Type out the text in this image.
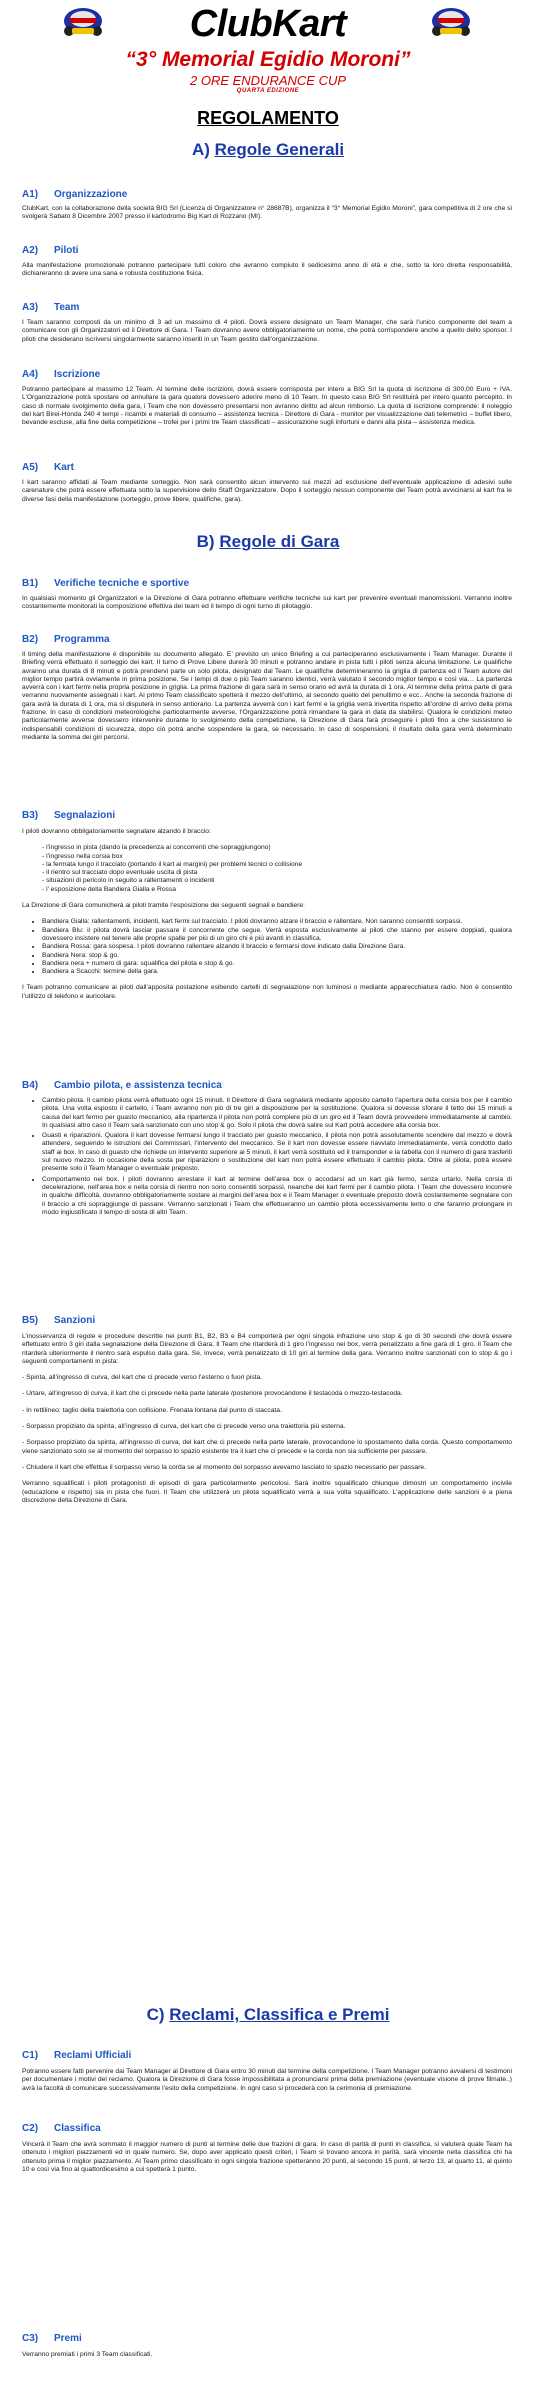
ClubKart
“3° Memorial Egidio Moroni”
2 ORE ENDURANCE CUP
QUARTA EDIZIONE
REGOLAMENTO
A) Regole Generali
A1) Organizzazione

ClubKart, con la collaborazione della società BIG Srl (Licenza di Organizzatore n° 28687B), organizza il “3° Memorial Egidio Moroni”, gara competitiva di 2 ore che si svolgerà Sabato 8 Dicembre 2007 presso il kartodromo Big Kart di Rozzano (MI).

A2) Piloti

Alla manifestazione promozionale potranno partecipare tutti coloro che avranno compiuto il sedicesimo anno di età e che, sotto la loro diretta responsabilità, dichiareranno di avere una sana e robusta costituzione fisica.

A3) Team

I Team saranno composti da un minimo di 3 ad un massimo di 4 piloti. Dovrà essere designato un Team Manager, che sarà l’unico componente del team a comunicare con gli Organizzatori ed il Direttore di Gara. I Team dovranno avere obbligatoriamente un nome, che potrà corrispondere anche a quello dello sponsor. I piloti che desiderano iscriversi singolarmente saranno inseriti in un Team gestito dall’organizzazione.

A4) Iscrizione

Potranno partecipare al massimo 12 Team. Al termine delle iscrizioni, dovrà essere corrisposta per intero a BIG Srl la quota di iscrizione di 300,00 Euro + IVA. L’Organizzazione potrà spostare od annullare la gara qualora dovessero aderire meno di 10 Team. In questo caso BIG Srl restituirà per intero quanto percepito. In caso di normale svolgimento della gara, i Team che non dovessero presentarsi non avranno diritto ad alcun rimborso. La quota di iscrizione comprende: il noleggio del kart Birel-Honda 240 4 tempi - ricambi e materiali di consumo – assistenza tecnica - Direttore di Gara - monitor per visualizzazione dati telemetrici – buffet libero, bevande escluse, alla fine della competizione – trofei per i primi tre Team classificati – assicurazione sugli infortuni e danni alla pista – assistenza medica.

A5) Kart

I kart saranno affidati ai Team mediante sorteggio. Non sarà consentito alcun intervento sui mezzi ad esclusione dell’eventuale applicazione di adesivi sulle carenature che potrà essere effettuata sotto la supervisione dello Staff Organizzatore. Dopo il sorteggio nessun componente del Team potrà avvicinarsi al kart fra le diverse fasi della manifestazione (sorteggio, prove libere, qualifiche, gara).

B) Regole di Gara
B1) Verifiche tecniche e sportive

In qualsiasi momento gli Organizzatori e la Direzione di Gara potranno effettuare verifiche tecniche sui kart per prevenire eventuali manomissioni. Verranno inoltre costantemente monitorati la composizione effettiva dei team ed il tempo di ogni turno di pilotaggio.

B2) Programma

Il timing della manifestazione è disponibile su documento allegato. E’ previsto un unico Briefing a cui parteciperanno esclusivamente i Team Manager. Durante il Briefing verrà effettuato il sorteggio dei kart. Il turno di Prove Libere durerà 30 minuti e potranno andare in pista tutti i piloti senza alcuna limitazione. Le qualifiche avranno una durata di 8 minuti e potrà prendervi parte un solo pilota, designato dal Team. Le qualifiche determineranno la griglia di partenza ed il Team autore del miglior tempo partirà ovviamente in prima posizione. Se i tempi di due o più Team saranno identici, verrà valutato il secondo miglior tempo e così via… La partenza avverrà con i kart fermi nella propria posizione in griglia. La prima frazione di gara sarà in senso orario ed avrà la durata di 1 ora. Al termine della prima parte di gara verranno nuovamente assegnati i kart. Al primo Team classificato spetterà il mezzo dell’ultimo, al secondo quello del penultimo e ecc.. Anche la seconda frazione di gara avrà la durata di 1 ora, ma si disputerà in senso antiorario. La partenza avverrà con i kart fermi e la griglia verrà invertita rispetto all’ordine di arrivo della prima frazione. In caso di condizioni meteorologiche particolarmente avverse, l’Organizzazione potrà rimandare la gara in data da stabilirsi. Qualora le condizioni meteo particolarmente avverse dovessero intervenire durante lo svolgimento della competizione, la Direzione di Gara farà proseguire i piloti fino a che sussistono le indispensabili condizioni di sicurezza, dopo ciò potrà anche sospendere la gara, se necessario. In caso di sospensioni, il risultato della gara verrà determinato mediante la somma dei giri percorsi.

B3) Segnalazioni

I piloti dovranno obbligatoriamente segnalare alzando il braccio:

- l’ingresso in pista (dando la precedenza ai concorrenti che sopraggiungono)
- l’ingresso nella corsia box
- la fermata lungo il tracciato (portando il kart ai margini) per problemi tecnici o collisione
- il rientro sul tracciato dopo eventuale uscita di pista
- situazioni di pericolo in seguito a rallentamenti o incidenti
- l’ esposizione della Bandiera Gialla e Rossa

La Direzione di Gara comunicherà ai piloti tramite l’esposizione dei seguenti segnali e bandiere:

• Bandiera Gialla: rallentamenti, incidenti, kart fermi sul tracciato. I piloti dovranno alzare il braccio e rallentare. Non saranno consentiti sorpassi.
• Bandiera Blu: il pilota dovrà lasciar passare il concorrente che segue. Verrà esposta esclusivamente ai piloti che stanno per essere doppiati, qualora dovessero insistere nel tenere alle proprie spalle per più di un giro chi è più avanti in classifica.
• Bandiera Rossa: gara sospesa. I piloti dovranno rallentare alzando il braccio e fermarsi dove indicato dalla Direzione Gara.
• Bandiera Nera: stop & go.
• Bandiera nera + numero di gara: squalifica del pilota e stop & go.
• Bandiera a Scacchi: termine della gara.

I Team potranno comunicare ai piloti dall’apposita postazione esibendo cartelli di segnalazione non luminosi o mediante apparecchiatura radio. Non è consentito l’utilizzo di telefono e auricolare.

B4) Cambio pilota, e assistenza tecnica
• Cambio pilota. Il cambio pilota verrà effettuato ogni 15 minuti. Il Direttore di Gara segnalerà mediante apposito cartello l’apertura della corsia box per il cambio pilota. Una volta esposto il cartello, i Team avranno non più di tre giri a disposizione per la sostituzione. Qualora si dovesse sforare il tetto dei 15 minuti a causa del kart fermo per guasto meccanico, alla ripartenza il pilota non potrà compiere più di un giro ed il Team dovrà provvedere immediatamente al cambio. In qualsiasi altro caso il Team sarà sanzionato con uno stop & go. Solo il pilota che dovrà salire sul Kart potrà accedere alla corsia box.
• Guasti e riparazioni. Qualora il kart dovesse fermarsi lungo il tracciato per guasto meccanico, il pilota non potrà assolutamente scendere dal mezzo e dovrà attendere, seguendo le istruzioni dei Commissari, l’intervento del meccanico. Se il kart non dovesse essere riavviato immediatamente, verrà condotto dallo staff ai box. In caso di guasto che richiede un intervento superiore ai 5 minuti, il kart verrà sostituito ed il transponder e la tabella con il numero di gara trasferiti sul nuovo mezzo. In occasione della sosta per riparazioni o sostituzione del kart non potrà essere effettuato il cambio pilota. Oltre al pilota, potrà essere presente solo il Team Manager o eventuale preposto.
• Comportamento nei box. I piloti dovranno arrestare il kart al termine dell’area box o accodarsi ad un kart già fermo, senza urtarlo. Nella corsia di decelerazione, nell’area box e nella corsia di rientro non sono consentiti sorpassi, neanche dei kart fermi per il cambio pilota. I Team che dovessero incorrere in qualche difficoltà, dovranno obbligatoriamente sostare ai margini dell’area box e il Team Manager o eventuale preposto dovrà costantemente segnalare con il braccio a chi sopraggiunge di passare. Verranno sanzionati i Team che effettueranno un cambio pilota eccessivamente lento o che faranno prolungare in modo ingiustificato il tempo di sosta di altri Team.
B5) Sanzioni

L’inosservanza di regole e procedure descritte nei punti B1, B2, B3 e B4 comporterà per ogni singola infrazione uno stop & go di 30 secondi che dovrà essere effettuato entro 3 giri dalla segnalazione della Direzione di Gara. Il Team che ritarderà di 1 giro l’ingresso nei box, verrà penalizzato a fine gara di 1 giro. Il Team che ritarderà ulteriormente il rientro sarà espulso dalla gara. Se, invece, verrà penalizzato di 10 giri al termine della gara. Verranno inoltre sanzionati con lo stop & go i seguenti comportamenti in pista:

- Spinta, all’ingresso di curva, del kart che ci precede verso l’esterno o fuori pista.

- Urtare, all’ingresso di curva, il kart che ci precede nella parte laterale /posteriore provocandone il testacoda o mezzo-testacoda.

- In rettilineo: taglio della traiettoria con collisione. Frenata lontana dal punto di staccata.

- Sorpasso propiziato da spinta, all’ingresso di curva, del kart che ci precede verso una traiettoria più esterna.

- Sorpasso propiziato da spinta, all’ingresso di curva, del kart che ci precede nella parte laterale, provocandone lo spostamento dalla corda. Questo comportamento viene sanzionato solo se al momento del sorpasso lo spazio esistente tra il kart che ci precede e la corda non sia sufficiente per passare.

- Chiudere il kart che effettua il sorpasso verso la corda se al momento del sorpasso avevamo lasciato lo spazio necessario per passare.

Verranno squalificati i piloti protagonisti di episodi di gara particolarmente pericolosi. Sarà inoltre squalificato chiunque dimostri un comportamento incivile (educazione e rispetto) sia in pista che fuori. Il Team che utilizzerà un pilota squalificato verrà a sua volta squalificato. L’applicazione delle sanzioni è a piena discrezione della Direzione di Gara.

C) Reclami, Classifica e Premi
C1) Reclami Ufficiali

Potranno essere fatti pervenire dai Team Manager al Direttore di Gara entro 30 minuti dal termine della competizione. I Team Manager potranno avvalersi di testimoni per documentare i motivi del reclamo. Qualora la Direzione di Gara fosse impossibilitata a pronunciarsi prima della premiazione (eventuale visione di prove filmate..) avrà la facoltà di comunicare successivamente l’esito della competizione. In ogni caso si procederà con la cerimonia di premiazione.

C2) Classifica

Vincerà il Team che avrà sommato il maggior numero di punti al termine delle due frazioni di gara. In caso di parità di punti in classifica, si valuterà quale Team ha ottenuto i migliori piazzamenti ed in quale numero. Se, dopo aver applicato questi criteri, i Team si trovano ancora in parità, sarà vincente nella classifica chi ha ottenuto prima il miglior piazzamento. Al Team primo classificato in ogni singola frazione spetteranno 20 punti, al secondo 15 punti, al terzo 13, al quarto 11, al quinto 10 e così via fino al quattordicesimo a cui spetterà 1 punto.

C3) Premi

Verranno premiati i primi 3 Team classificati.
